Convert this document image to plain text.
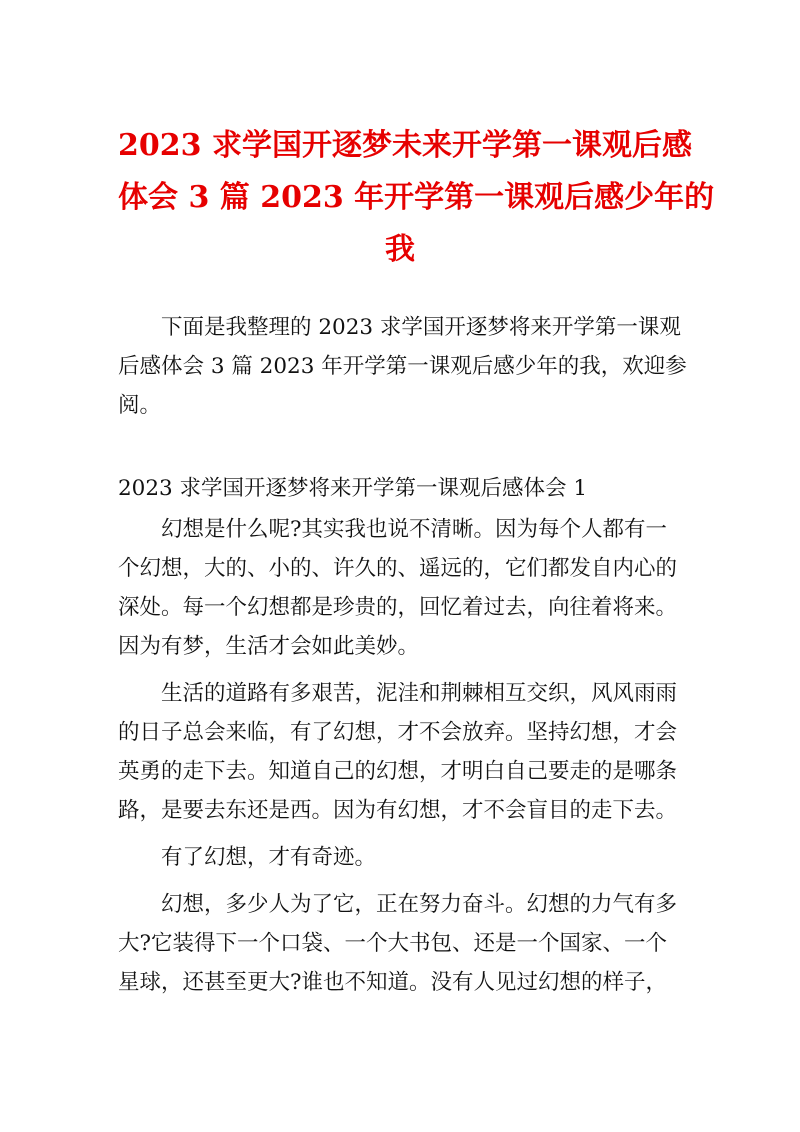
2023 求学国开逐梦未来开学第一课观后感
体会 3 篇 2023 年开学第一课观后感少年的
我

下面是我整理的 2023 求学国开逐梦将来开学第一课观
后感体会 3 篇 2023 年开学第一课观后感少年的我，欢迎参
阅。

2023 求学国开逐梦将来开学第一课观后感体会 1

幻想是什么呢?其实我也说不清晰。因为每个人都有一
个幻想，大的、小的、许久的、遥远的，它们都发自内心的
深处。每一个幻想都是珍贵的，回忆着过去，向往着将来。
因为有梦，生活才会如此美妙。

生活的道路有多艰苦，泥洼和荆棘相互交织，风风雨雨
的日子总会来临，有了幻想，才不会放弃。坚持幻想，才会
英勇的走下去。知道自己的幻想，才明白自己要走的是哪条
路，是要去东还是西。因为有幻想，才不会盲目的走下去。

有了幻想，才有奇迹。

幻想，多少人为了它，正在努力奋斗。幻想的力气有多
大?它装得下一个口袋、一个大书包、还是一个国家、一个
星球，还甚至更大?谁也不知道。没有人见过幻想的样子，
